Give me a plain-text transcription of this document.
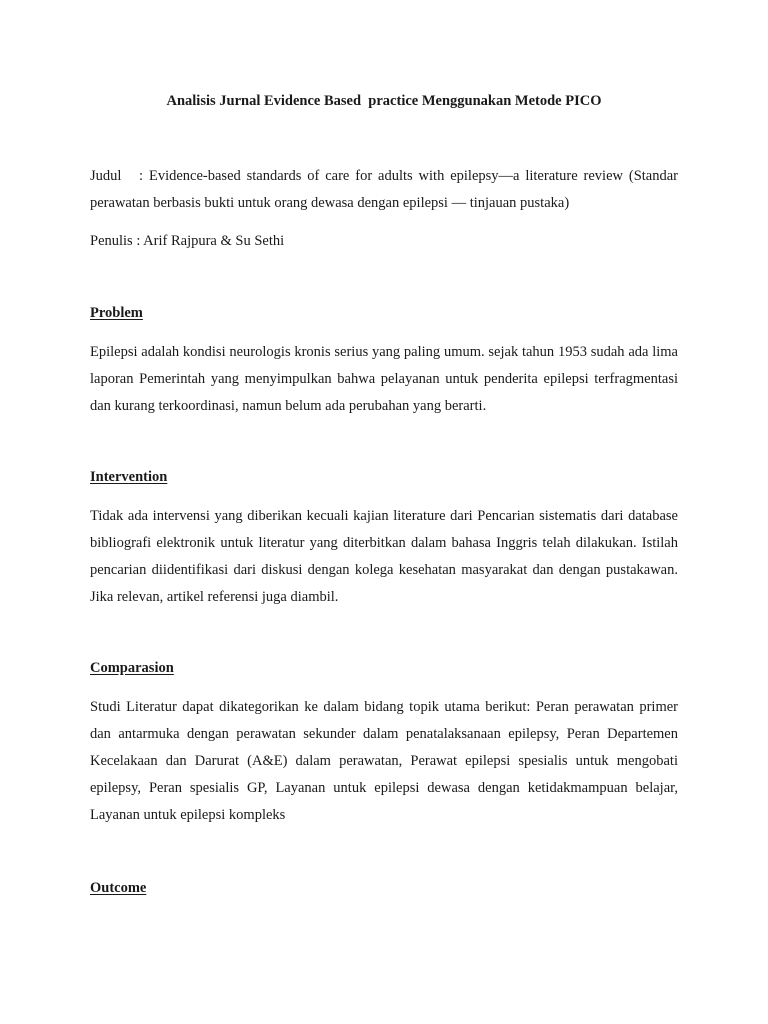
Analisis Jurnal Evidence Based  practice Menggunakan Metode PICO
Judul   : Evidence-based standards of care for adults with epilepsy—a literature review (Standar perawatan berbasis bukti untuk orang dewasa dengan epilepsi — tinjauan pustaka)
Penulis : Arif Rajpura & Su Sethi
Problem
Epilepsi adalah kondisi neurologis kronis serius yang paling umum. sejak tahun 1953 sudah ada lima laporan Pemerintah yang menyimpulkan bahwa pelayanan untuk penderita epilepsi terfragmentasi dan kurang terkoordinasi, namun belum ada perubahan yang berarti.
Intervention
Tidak ada intervensi yang diberikan kecuali kajian literature dari Pencarian sistematis dari database bibliografi elektronik untuk literatur yang diterbitkan dalam bahasa Inggris telah dilakukan. Istilah pencarian diidentifikasi dari diskusi dengan kolega kesehatan masyarakat dan dengan pustakawan. Jika relevan, artikel referensi juga diambil.
Comparasion
Studi Literatur dapat dikategorikan ke dalam bidang topik utama berikut: Peran perawatan primer dan antarmuka dengan perawatan sekunder dalam penatalaksanaan epilepsy, Peran Departemen Kecelakaan dan Darurat (A&E) dalam perawatan, Perawat epilepsi spesialis untuk mengobati epilepsy, Peran spesialis GP, Layanan untuk epilepsi dewasa dengan ketidakmampuan belajar, Layanan untuk epilepsi kompleks
Outcome
